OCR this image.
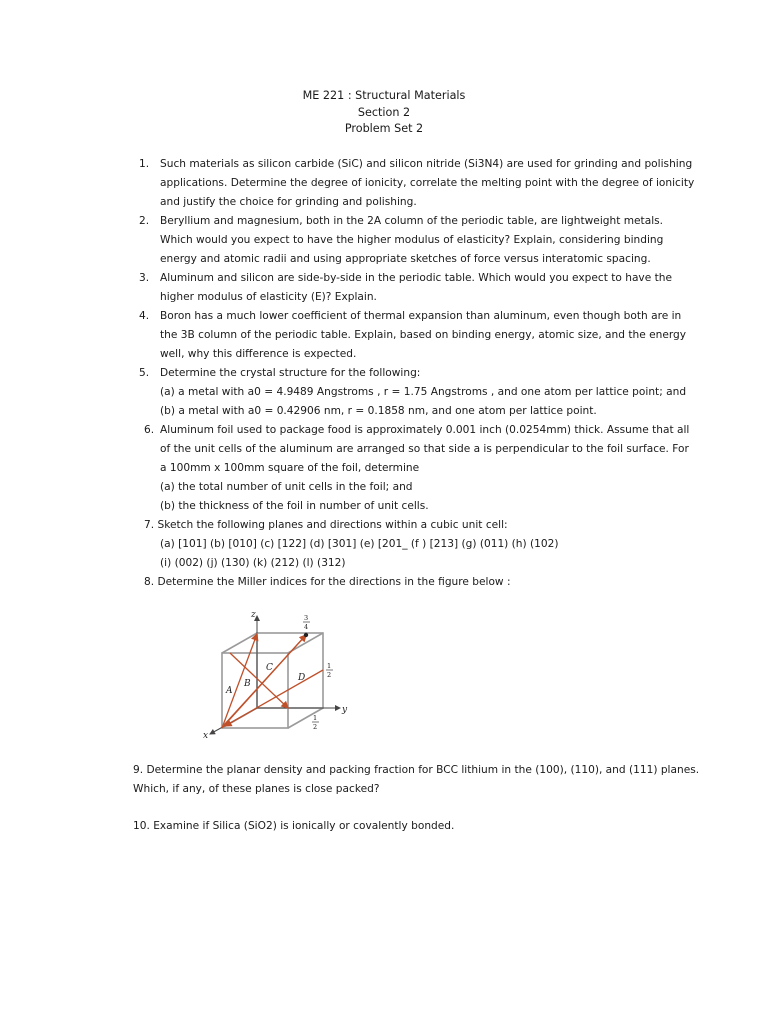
ME 221 : Structural Materials
Section 2
Problem Set 2
1. Such materials as silicon carbide (SiC) and silicon nitride (Si3N4) are used for grinding and polishing
applications. Determine the degree of ionicity, correlate the melting point with the degree of ionicity
and justify the choice for grinding and polishing.
2. Beryllium and magnesium, both in the 2A column of the periodic table, are lightweight metals.
Which would you expect to have the higher modulus of elasticity? Explain, considering binding
energy and atomic radii and using appropriate sketches of force versus interatomic spacing.
3. Aluminum and silicon are side-by-side in the periodic table. Which would you expect to have the
higher modulus of elasticity (E)? Explain.
4. Boron has a much lower coefficient of thermal expansion than aluminum, even though both are in
the 3B column of the periodic table. Explain, based on binding energy, atomic size, and the energy
well, why this difference is expected.
5. Determine the crystal structure for the following:
(a) a metal with a0 = 4.9489 Angstroms , r = 1.75 Angstroms , and one atom per lattice point; and
(b) a metal with a0 = 0.42906 nm, r = 0.1858 nm, and one atom per lattice point.
6. Aluminum foil used to package food is approximately 0.001 inch (0.0254mm) thick. Assume that all
of the unit cells of the aluminum are arranged so that side a is perpendicular to the foil surface. For
a 100mm x 100mm square of the foil, determine
(a) the total number of unit cells in the foil; and
(b) the thickness of the foil in number of unit cells.
7. Sketch the following planes and directions within a cubic unit cell:
(a) [101] (b) [010] (c) [122] (d) [301] (e) [201_ (f ) [213] (g) (011) (h) (102)
(i) (002) (j) (130) (k) (212) (l) (312)
8. Determine the Miller indices for the directions in the figure below :
z
y
x
A
B
C
D
3
4
1
2
1
2
9. Determine the planar density and packing fraction for BCC lithium in the (100), (110), and (111) planes.
Which, if any, of these planes is close packed?
10. Examine if Silica (SiO2) is ionically or covalently bonded.
